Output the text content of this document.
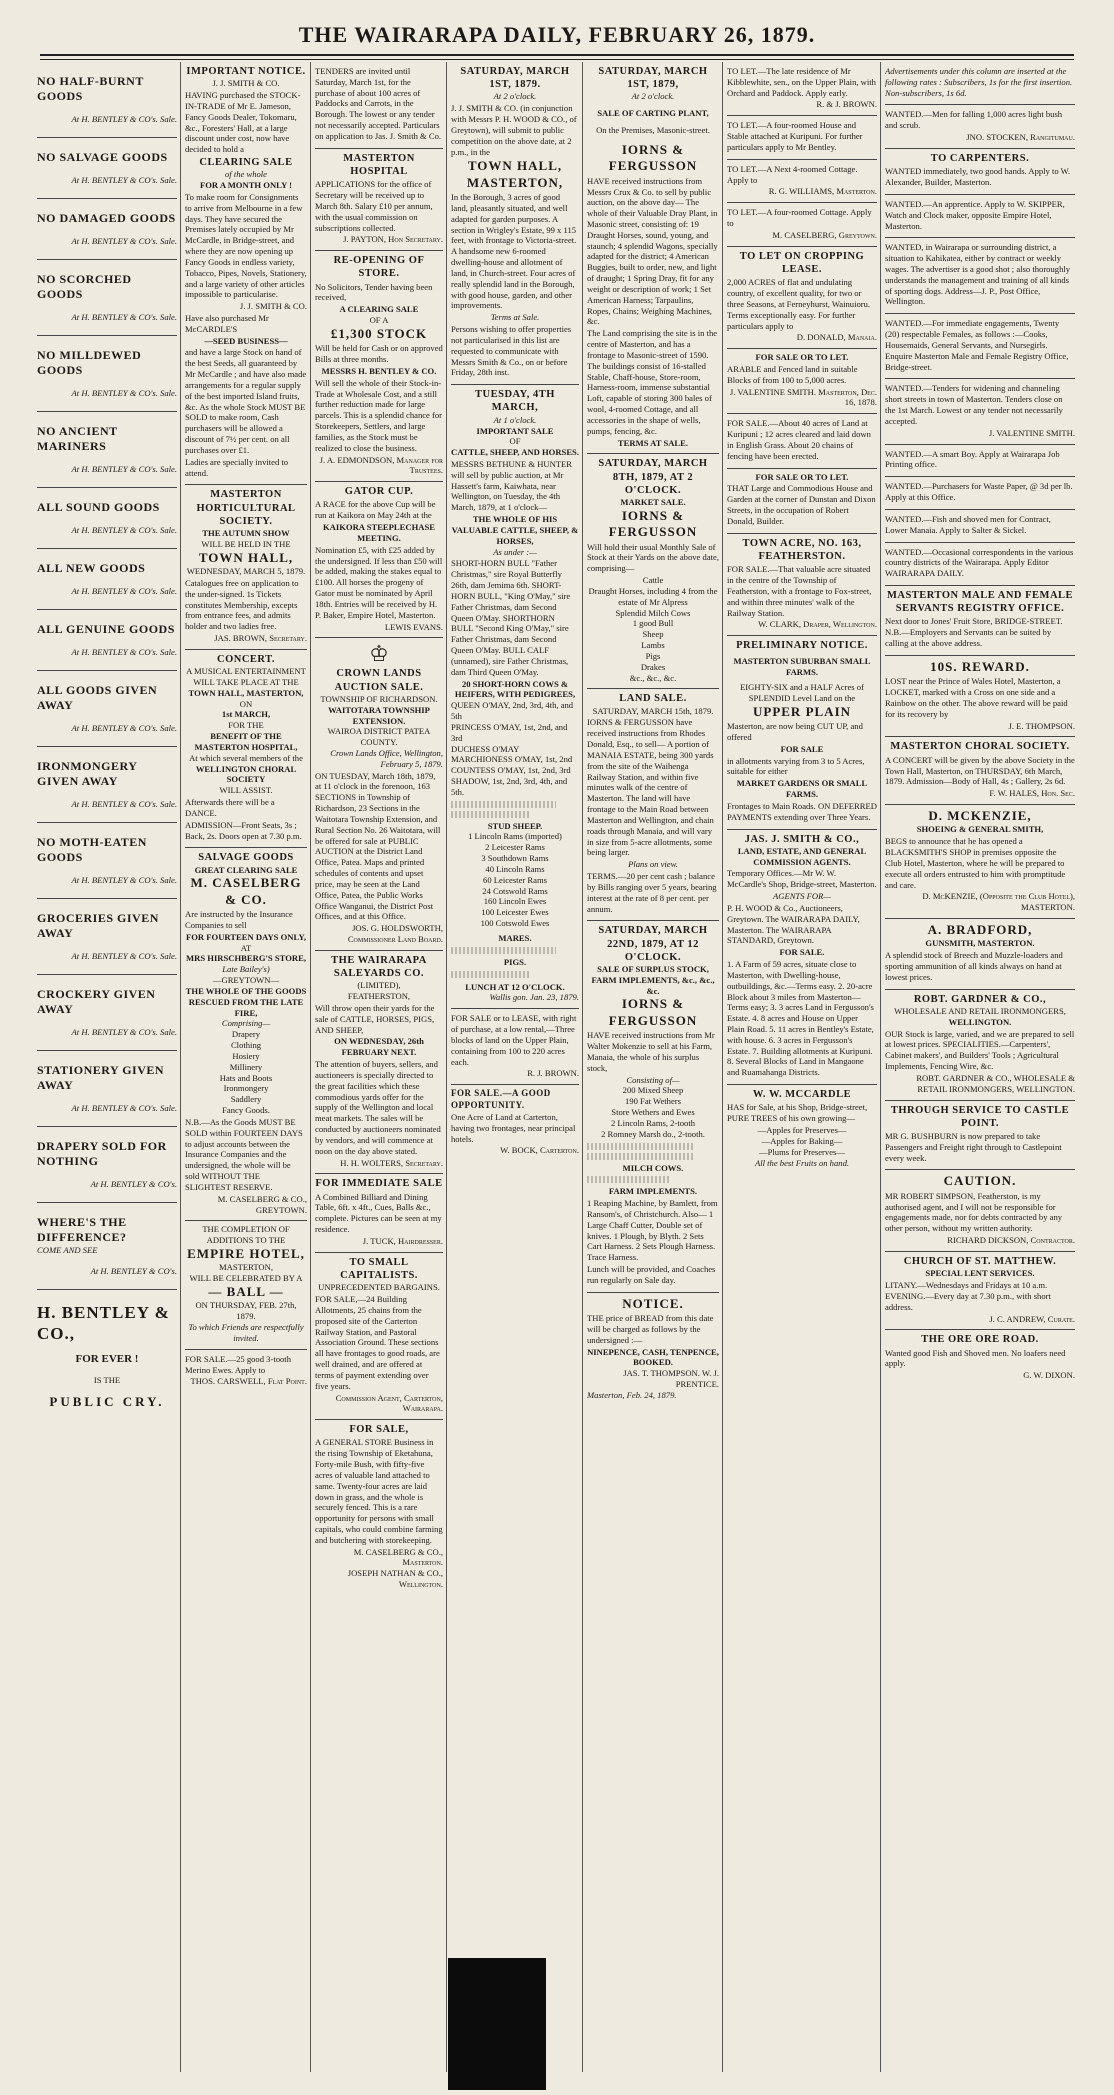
THE WAIRARAPA DAILY, FEBRUARY 26, 1879.
NO HALF-BURNT GOODS
At H. BENTLEY & CO's. Sale.
NO SALVAGE GOODS
At H. BENTLEY & CO's. Sale.
NO DAMAGED GOODS
At H. BENTLEY & CO's. Sale.
NO SCORCHED GOODS
At H. BENTLEY & CO's. Sale.
NO MILLDEWED GOODS
At H. BENTLEY & CO's. Sale.
NO ANCIENT MARINERS
At H. BENTLEY & CO's. Sale.
ALL SOUND GOODS
At H. BENTLEY & CO's. Sale.
ALL NEW GOODS
At H. BENTLEY & CO's. Sale.
ALL GENUINE GOODS
At H. BENTLEY & CO's. Sale.
ALL GOODS GIVEN AWAY
At H. BENTLEY & CO's. Sale.
IRONMONGERY GIVEN AWAY
At H. BENTLEY & CO's. Sale.
NO MOTH-EATEN GOODS
At H. BENTLEY & CO's. Sale.
GROCERIES GIVEN AWAY
At H. BENTLEY & CO's. Sale.
CROCKERY GIVEN AWAY
At H. BENTLEY & CO's. Sale.
STATIONERY GIVEN AWAY
At H. BENTLEY & CO's. Sale.
DRAPERY SOLD FOR NOTHING
At H. BENTLEY & CO's.
WHERE'S THE DIFFERENCE?
COME AND SEE
At H. BENTLEY & CO's.
H. BENTLEY & CO.,
FOR EVER !
IS THE
PUBLIC CRY.
IMPORTANT NOTICE.
J. J. SMITH & CO.

HAVING purchased the STOCK-IN-TRADE of Mr E. Jameson, Fancy Goods Dealer, Tokomaru, &c., Foresters' Hall, at a large discount under cost, now have decided to hold a

CLEARING SALE
of the whole
FOR A MONTH ONLY !

To make room for Consignments to arrive from Melbourne in a few days. They have secured the Premises lately occupied by Mr McCardle, in Bridge-street, and where they are now opening up Fancy Goods in endless variety, Tobacco, Pipes, Novels, Stationery, and a large variety of other articles impossible to particularise.

J. J. SMITH & CO.

Have also purchased Mr McCARDLE'S

—SEED BUSINESS—

and have a large Stock on hand of the best Seeds, all guaranteed by Mr McCardle ; and have also made arrangements for a regular supply of the best imported Island fruits, &c. As the whole Stock MUST BE SOLD to make room, Cash purchasers will be allowed a discount of 7½ per cent. on all purchases over £1.

Ladies are specially invited to attend.

MASTERTON HORTICULTURAL SOCIETY.
THE AUTUMN SHOW
WILL BE HELD IN THE
TOWN HALL,
WEDNESDAY, MARCH 5, 1879.

Catalogues free on application to the under-signed. 1s Tickets constitutes Membership, excepts from entrance fees, and admits holder and two ladies free.

JAS. BROWN, Secretary.
CONCERT.
A MUSICAL ENTERTAINMENT
WILL TAKE PLACE AT THE
TOWN HALL, MASTERTON,
ON
1st MARCH,
FOR THE
BENEFIT OF THE MASTERTON HOSPITAL,
At which several members of the
WELLINGTON CHORAL SOCIETY
WILL ASSIST.

Afterwards there will be a DANCE.

ADMISSION—Front Seats, 3s ; Back, 2s. Doors open at 7.30 p.m.

SALVAGE GOODS
GREAT CLEARING SALE
M. CASELBERG & CO.

Are instructed by the Insurance Companies to sell

FOR FOURTEEN DAYS ONLY,
AT
MRS HIRSCHBERG'S STORE,
Late Bailey's)
—GREYTOWN—
THE WHOLE OF THE GOODS RESCUED FROM THE LATE FIRE,
Comprising—
Drapery
Clothing
Hosiery
Millinery
Hats and Boots
Ironmongery
Saddlery
Fancy Goods.

N.B.—As the Goods MUST BE SOLD within FOURTEEN DAYS to adjust accounts between the Insurance Companies and the undersigned, the whole will be sold WITHOUT THE SLIGHTEST RESERVE.

M. CASELBERG & CO., GREYTOWN.
THE COMPLETION OF ADDITIONS TO THE
EMPIRE HOTEL,
MASTERTON,
WILL BE CELEBRATED BY A
— BALL —
ON THURSDAY, FEB. 27th, 1879.
To which Friends are respectfully invited.

FOR SALE.—25 good 3-tooth Merino Ewes. Apply to

THOS. CARSWELL, Flat Point.

TENDERS are invited until Saturday, March 1st, for the purchase of about 100 acres of Paddocks and Carrots, in the Borough. The lowest or any tender not necessarily accepted. Particulars on application to Jas. J. Smith & Co.

MASTERTON HOSPITAL

APPLICATIONS for the office of Secretary will be received up to March 8th. Salary £10 per annum, with the usual commission on subscriptions collected.

J. PAYTON, Hon Secretary.
RE-OPENING OF STORE.

No Solicitors, Tender having been received,

A CLEARING SALE
OF A
£1,300 STOCK

Will be held for Cash or on approved Bills at three months.

MESSRS H. BENTLEY & CO.

Will sell the whole of their Stock-in-Trade at Wholesale Cost, and a still further reduction made for large parcels. This is a splendid chance for Storekeepers, Settlers, and large families, as the Stock must be realized to close the business.

J. A. EDMONDSON, Manager for Trustees.
GATOR CUP.

A RACE for the above Cup will be run at Kaikora on May 24th at the

KAIKORA STEEPLECHASE MEETING.

Nomination £5, with £25 added by the undersigned. If less than £50 will be added, making the stakes equal to £100. All horses the progeny of Gator must be nominated by April 18th. Entries will be received by H. P. Baker, Empire Hotel, Masterton.

LEWIS EVANS.
♔
CROWN LANDS AUCTION SALE.
TOWNSHIP OF RICHARDSON.
WAITOTARA TOWNSHIP EXTENSION.
WAIROA DISTRICT PATEA COUNTY.
Crown Lands Office, Wellington, February 5, 1879.

ON TUESDAY, March 18th, 1879, at 11 o'clock in the forenoon, 163 SECTIONS in Township of Richardson, 23 Sections in the Waitotara Township Extension, and Rural Section No. 26 Waitotara, will be offered for sale at PUBLIC AUCTION at the District Land Office, Patea. Maps and printed schedules of contents and upset price, may be seen at the Land Office, Patea, the Public Works Office Wanganui, the District Post Offices, and at this Office.

JOS. G. HOLDSWORTH, Commissioner Land Board.
THE WAIRARAPA SALEYARDS CO.
(LIMITED),
FEATHERSTON,

Will throw open their yards for the sale of CATTLE, HORSES, PIGS, AND SHEEP,

ON WEDNESDAY, 26th FEBRUARY NEXT.

The attention of buyers, sellers, and auctioneers is specially directed to the great facilities which these commodious yards offer for the supply of the Wellington and local meat markets. The sales will be conducted by auctioneers nominated by vendors, and will commence at noon on the day above stated.

H. H. WOLTERS, Secretary.
FOR IMMEDIATE SALE

A Combined Billiard and Dining Table, 6ft. x 4ft., Cues, Balls &c., complete. Pictures can be seen at my residence.

J. TUCK, Hairdresser.
TO SMALL CAPITALISTS.
UNPRECEDENTED BARGAINS.

FOR SALE,—24 Building Allotments, 25 chains from the proposed site of the Carterton Railway Station, and Pastoral Association Ground. These sections all have frontages to good roads, are well drained, and are offered at terms of payment extending over five years.

Commission Agent, Carterton, Wairarapa.
FOR SALE,

A GENERAL STORE Business in the rising Township of Eketahuna, Forty-mile Bush, with fifty-five acres of valuable land attached to same. Twenty-four acres are laid down in grass, and the whole is securely fenced. This is a rare opportunity for persons with small capitals, who could combine farming and butchering with storekeeping.

M. CASELBERG & CO., Masterton.
JOSEPH NATHAN & CO., Wellington.
SATURDAY, MARCH 1ST, 1879.
At 2 o'clock.

J. J. SMITH & CO. (in conjunction with Messrs P. H. WOOD & CO., of Greytown), will submit to public competition on the above date, at 2 p.m., in the

TOWN HALL, MASTERTON,

In the Borough, 3 acres of good land, pleasantly situated, and well adapted for garden purposes. A section in Wrigley's Estate, 99 x 115 feet, with frontage to Victoria-street. A handsome new 6-roomed dwelling-house and allotment of land, in Church-street. Four acres of really splendid land in the Borough, with good house, garden, and other improvements.

Terms at Sale.

Persons wishing to offer properties not particularised in this list are requested to communicate with Messrs Smith & Co., on or before Friday, 28th inst.

TUESDAY, 4TH MARCH,
At 1 o'clock.
IMPORTANT SALE
OF
CATTLE, SHEEP, AND HORSES.

MESSRS BETHUNE & HUNTER will sell by public auction, at Mr Hassett's farm, Kaiwhata, near Wellington, on Tuesday, the 4th March, 1879, at 1 o'clock—

THE WHOLE OF HIS VALUABLE CATTLE, SHEEP, & HORSES,
As under :—

SHORT-HORN BULL "Father Christmas," sire Royal Butterfly 26th, dam Jemima 6th. SHORT-HORN BULL, "King O'May," sire Father Christmas, dam Second Queen O'May. SHORTHORN BULL "Second King O'May," sire Father Christmas, dam Second Queen O'May. BULL CALF (unnamed), sire Father Christmas, dam Third Queen O'May.

20 SHORT-HORN COWS & HEIFERS, WITH PEDIGREES,
QUEEN O'MAY, 2nd, 3rd, 4th, and 5th
PRINCESS O'MAY, 1st, 2nd, and 3rd
DUCHESS O'MAY
MARCHIONESS O'MAY, 1st, 2nd
COUNTESS O'MAY, 1st, 2nd, 3rd
SHADOW, 1st, 2nd, 3rd, 4th, and 5th.
STUD SHEEP.
1 Lincoln Rams (imported)
2 Leicester Rams
3 Southdown Rams
40 Lincoln Rams
60 Leicester Rams
24 Cotswold Rams
160 Lincoln Ewes
100 Leicester Ewes
100 Cotswold Ewes
MARES.
PIGS.
LUNCH AT 12 O'CLOCK.
Wallis gon. Jan. 23, 1879.

FOR SALE or to LEASE, with right of purchase, at a low rental,—Three blocks of land on the Upper Plain, containing from 100 to 220 acres each.

R. J. BROWN.
FOR SALE.—A GOOD OPPORTUNITY.

One Acre of Land at Carterton, having two frontages, near principal hotels.

W. BOCK, Carterton.
SATURDAY, MARCH 1ST, 1879,
At 2 o'clock.
SALE OF CARTING PLANT,
On the Premises, Masonic-street.
IORNS & FERGUSSON

HAVE received instructions from Messrs Crux & Co. to sell by public auction, on the above day— The whole of their Valuable Dray Plant, in Masonic street, consisting of: 19 Draught Horses, sound, young, and staunch; 4 splendid Wagons, specially adapted for the district; 4 American Buggies, built to order, new, and light of draught; 1 Spring Dray, fit for any weight or description of work; 1 Set American Harness; Tarpaulins, Ropes, Chains; Weighing Machines, &c.

The Land comprising the site is in the centre of Masterton, and has a frontage to Masonic-street of 1590. The buildings consist of 16-stalled Stable, Chaff-house, Store-room, Harness-room, immense substantial Loft, capable of storing 300 bales of wool, 4-roomed Cottage, and all accessories in the shape of wells, pumps, fencing, &c.

TERMS AT SALE.
SATURDAY, MARCH 8TH, 1879, AT 2 O'CLOCK.
MARKET SALE.
IORNS & FERGUSSON

Will hold their usual Monthly Sale of Stock at their Yards on the above date, comprising—

Cattle
Draught Horses, including 4 from the estate of Mr Alpress
Splendid Milch Cows
1 good Bull
Sheep
Lambs
Pigs
Drakes
&c., &c., &c.
LAND SALE.
SATURDAY, MARCH 15th, 1879.

IORNS & FERGUSSON have received instructions from Rhodes Donald, Esq., to sell— A portion of MANAIA ESTATE, being 300 yards from the site of the Waihenga Railway Station, and within five minutes walk of the centre of Masterton. The land will have frontage to the Main Road between Masterton and Wellington, and chain roads through Manaia, and will vary in size from 5-acre allotments, some being larger.

Plans on view.

TERMS.—20 per cent cash ; balance by Bills ranging over 5 years, bearing interest at the rate of 8 per cent. per annum.

SATURDAY, MARCH 22ND, 1879, AT 12 O'CLOCK.
SALE OF SURPLUS STOCK, FARM IMPLEMENTS, &c., &c., &c.
IORNS & FERGUSSON

HAVE received instructions from Mr Walter Mokenzie to sell at his Farm, Manaia, the whole of his surplus stock,

Consisting of—
200 Mixed Sheep
190 Fat Wethers
Store Wethers and Ewes
2 Lincoln Rams, 2-tooth
2 Romney Marsh do., 2-tooth.
MILCH COWS.
FARM IMPLEMENTS.

1 Reaping Machine, by Bamlett, from Ransom's, of Christchurch. Also— 1 Large Chaff Cutter, Double set of knives. 1 Plough, by Blyth. 2 Sets Cart Harness. 2 Sets Plough Harness. Trace Harness.

Lunch will be provided, and Coaches run regularly on Sale day.

NOTICE.

THE price of BREAD from this date will be charged as follows by the undersigned :—

NINEPENCE, CASH, TENPENCE, BOOKED.
JAS. T. THOMPSON. W. J. PRENTICE.
Masterton, Feb. 24, 1879.

TO LET.—The late residence of Mr Kibblewhite, sen., on the Upper Plain, with Orchard and Paddock. Apply early.

R. & J. BROWN.

TO LET.—A four-roomed House and Stable attached at Kuripuni. For further particulars apply to Mr Bentley.

TO LET.—A Next 4-roomed Cottage. Apply to

R. G. WILLIAMS, Masterton.

TO LET.—A four-roomed Cottage. Apply to

M. CASELBERG, Greytown.
TO LET ON CROPPING LEASE.

2,000 ACRES of flat and undulating country, of excellent quality, for two or three Seasons, at Ferneyhurst, Wainuioru. Terms exceptionally easy. For further particulars apply to

D. DONALD, Manaia.
FOR SALE OR TO LET.

ARABLE and Fenced land in suitable Blocks of from 100 to 5,000 acres.

J. VALENTINE SMITH. Masterton, Dec. 16, 1878.

FOR SALE.—About 40 acres of Land at Kuripuni ; 12 acres cleared and laid down in English Grass. About 20 chains of fencing have been erected.

FOR SALE OR TO LET.

THAT Large and Commodious House and Garden at the corner of Dunstan and Dixon Streets, in the occupation of Robert Donald, Builder.

TOWN ACRE, NO. 163, FEATHERSTON.

FOR SALE.—That valuable acre situated in the centre of the Township of Featherston, with a frontage to Fox-street, and within three minutes' walk of the Railway Station.

W. CLARK, Draper, Wellington.
PRELIMINARY NOTICE.
MASTERTON SUBURBAN SMALL FARMS.
EIGHTY-SIX and a HALF Acres of
SPLENDID Level Land on the
UPPER PLAIN

Masterton, are now being CUT UP, and offered

FOR SALE

in allotments varying from 3 to 5 Acres, suitable for either

MARKET GARDENS OR SMALL FARMS.

Frontages to Main Roads. ON DEFERRED PAYMENTS extending over Three Years.

JAS. J. SMITH & CO.,
LAND, ESTATE, AND GENERAL COMMISSION AGENTS.

Temporary Offices.—Mr W. W. McCardle's Shop, Bridge-street, Masterton.

AGENTS FOR—

P. H. WOOD & Co., Auctioneers, Greytown. The WAIRARAPA DAILY, Masterton. The WAIRARAPA STANDARD, Greytown.

FOR SALE.

1. A Farm of 59 acres, situate close to Masterton, with Dwelling-house, outbuildings, &c.—Terms easy. 2. 20-acre Block about 3 miles from Masterton—Terms easy; 3. 3 acres Land in Fergusson's Estate. 4. 8 acres and House on Upper Plain Road. 5. 11 acres in Bentley's Estate, with house. 6. 3 acres in Fergusson's Estate. 7. Building allotments at Kuripuni. 8. Several Blocks of Land in Mangaone and Ruamahanga Districts.

W. W. MCCARDLE

HAS for Sale, at his Shop, Bridge-street, PURE TREES of his own growing—

—Apples for Preserves—
—Apples for Baking—
—Plums for Preserves—
All the best Fruits on hand.

Advertisements under this column are inserted at the following rates : Subscribers, 1s for the first insertion. Non-subscribers, 1s 6d.

WANTED.—Men for falling 1,000 acres light bush and scrub.

JNO. STOCKEN, Rangitumau.
TO CARPENTERS.

WANTED immediately, two good hands. Apply to W. Alexander, Builder, Masterton.

WANTED.—An apprentice. Apply to W. SKIPPER, Watch and Clock maker, opposite Empire Hotel, Masterton.

WANTED, in Wairarapa or surrounding district, a situation to Kahikatea, either by contract or weekly wages. The advertiser is a good shot ; also thoroughly understands the management and training of all kinds of sporting dogs. Address—J. P., Post Office, Wellington.

WANTED.—For immediate engagements, Twenty (20) respectable Females, as follows :—Cooks, Housemaids, General Servants, and Nursegirls. Enquire Masterton Male and Female Registry Office, Bridge-street.

WANTED.—Tenders for widening and channeling short streets in town of Masterton. Tenders close on the 1st March. Lowest or any tender not necessarily accepted.

J. VALENTINE SMITH.

WANTED.—A smart Boy. Apply at Wairarapa Job Printing office.

WANTED.—Purchasers for Waste Paper, @ 3d per lb. Apply at this Office.

WANTED.—Fish and shoved men for Contract, Lower Manaia. Apply to Salter & Sickel.

WANTED.—Occasional correspondents in the various country districts of the Wairarapa. Apply Editor WAIRARAPA DAILY.

MASTERTON MALE AND FEMALE SERVANTS REGISTRY OFFICE.

Next door to Jones' Fruit Store, BRIDGE-STREET. N.B.—Employers and Servants can be suited by calling at the above address.

10S. REWARD.

LOST near the Prince of Wales Hotel, Masterton, a LOCKET, marked with a Cross on one side and a Rainbow on the other. The above reward will be paid for its recovery by

J. E. THOMPSON.
MASTERTON CHORAL SOCIETY.

A CONCERT will be given by the above Society in the Town Hall, Masterton, on THURSDAY, 6th March, 1879. Admission—Body of Hall, 4s ; Gallery, 2s 6d.

F. W. HALES, Hon. Sec.
D. MCKENZIE,
SHOEING & GENERAL SMITH,

BEGS to announce that he has opened a BLACKSMITH'S SHOP in premises opposite the Club Hotel, Masterton, where he will be prepared to execute all orders entrusted to him with promptitude and care.

D. McKENZIE, (Opposite the Club Hotel), MASTERTON.
A. BRADFORD,
GUNSMITH, MASTERTON.

A splendid stock of Breech and Muzzle-loaders and sporting ammunition of all kinds always on hand at lowest prices.

ROBT. GARDNER & CO.,
WHOLESALE AND RETAIL IRONMONGERS,
WELLINGTON.

OUR Stock is large, varied, and we are prepared to sell at lowest prices. SPECIALITIES.—Carpenters', Cabinet makers', and Builders' Tools ; Agricultural Implements, Fencing Wire, &c.

ROBT. GARDNER & CO., WHOLESALE & RETAIL IRONMONGERS, WELLINGTON.
THROUGH SERVICE TO CASTLE POINT.

MR G. BUSHBURN is now prepared to take Passengers and Freight right through to Castlepoint every week.

CAUTION.

MR ROBERT SIMPSON, Featherston, is my authorised agent, and I will not be responsible for engagements made, nor for debts contracted by any other person, without my written authority.

RICHARD DICKSON, Contractor.
CHURCH OF ST. MATTHEW.
SPECIAL LENT SERVICES.

LITANY.—Wednesdays and Fridays at 10 a.m. EVENING.—Every day at 7.30 p.m., with short address.

J. C. ANDREW, Curate.
THE ORE ORE ROAD.

Wanted good Fish and Shoved men. No loafers need apply.

G. W. DIXON.
